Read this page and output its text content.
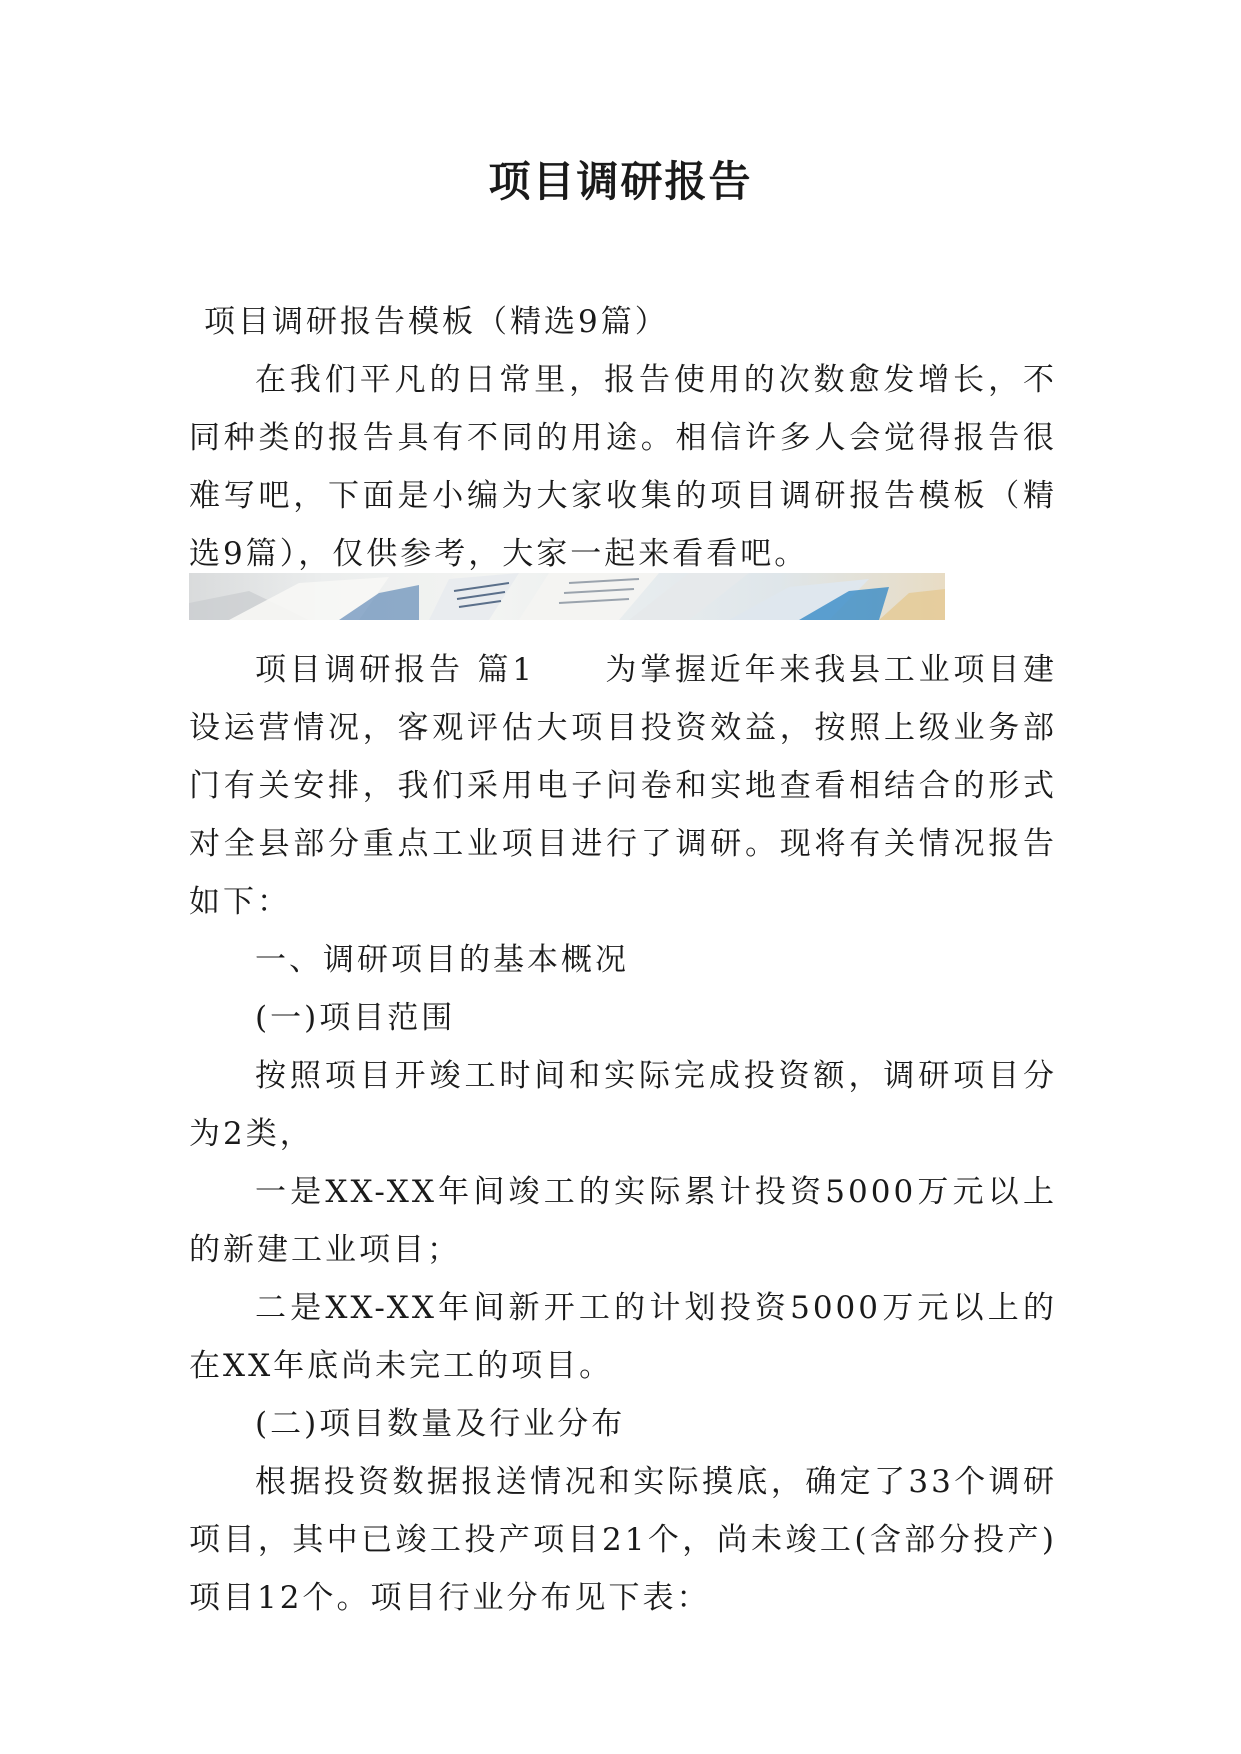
项目调研报告

项目调研报告模板（精选9篇）

在我们平凡的日常里，报告使用的次数愈发增长，不同种类的报告具有不同的用途。相信许多人会觉得报告很难写吧，下面是小编为大家收集的项目调研报告模板（精选9篇），仅供参考，大家一起来看看吧。

项目调研报告 篇1　　为掌握近年来我县工业项目建设运营情况，客观评估大项目投资效益，按照上级业务部门有关安排，我们采用电子问卷和实地查看相结合的形式对全县部分重点工业项目进行了调研。现将有关情况报告如下：

一、调研项目的基本概况

(一)项目范围

按照项目开竣工时间和实际完成投资额，调研项目分为2类，

一是XX-XX年间竣工的实际累计投资5000万元以上的新建工业项目；

二是XX-XX年间新开工的计划投资5000万元以上的在XX年底尚未完工的项目。

(二)项目数量及行业分布

根据投资数据报送情况和实际摸底，确定了33个调研项目，其中已竣工投产项目21个，尚未竣工(含部分投产)项目12个。项目行业分布见下表：
